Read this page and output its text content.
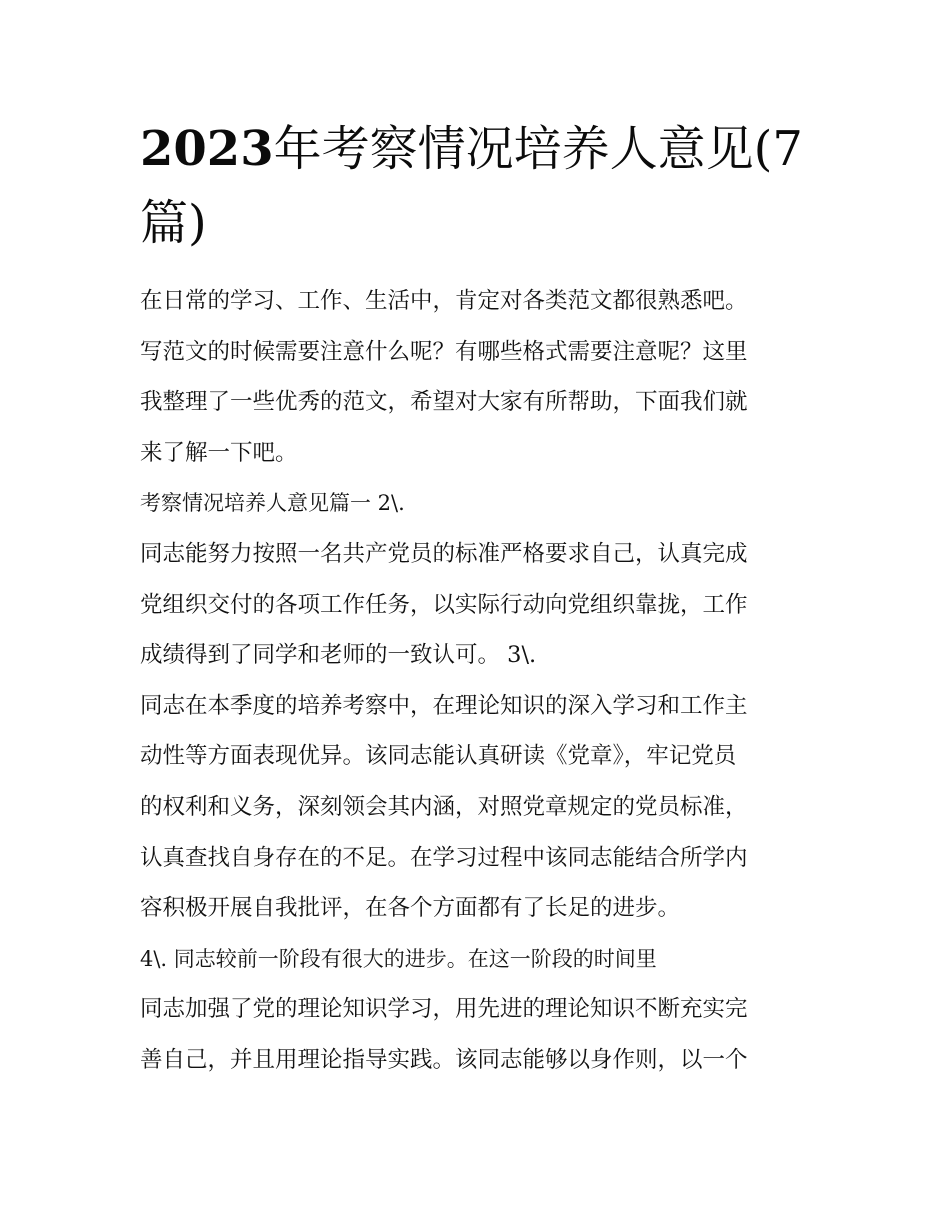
2023年考察情况培养人意见(7
篇)
在日常的学习、工作、生活中，肯定对各类范文都很熟悉吧。
写范文的时候需要注意什么呢？有哪些格式需要注意呢？这里
我整理了一些优秀的范文，希望对大家有所帮助，下面我们就
来了解一下吧。
考察情况培养人意见篇一 2\.
同志能努力按照一名共产党员的标准严格要求自己，认真完成
党组织交付的各项工作任务，以实际行动向党组织靠拢，工作
成绩得到了同学和老师的一致认可。 3\.
同志在本季度的培养考察中，在理论知识的深入学习和工作主
动性等方面表现优异。该同志能认真研读《党章》，牢记党员
的权利和义务，深刻领会其内涵，对照党章规定的党员标准，
认真查找自身存在的不足。在学习过程中该同志能结合所学内
容积极开展自我批评，在各个方面都有了长足的进步。
4\. 同志较前一阶段有很大的进步。在这一阶段的时间里
同志加强了党的理论知识学习，用先进的理论知识不断充实完
善自己，并且用理论指导实践。该同志能够以身作则，以一个
